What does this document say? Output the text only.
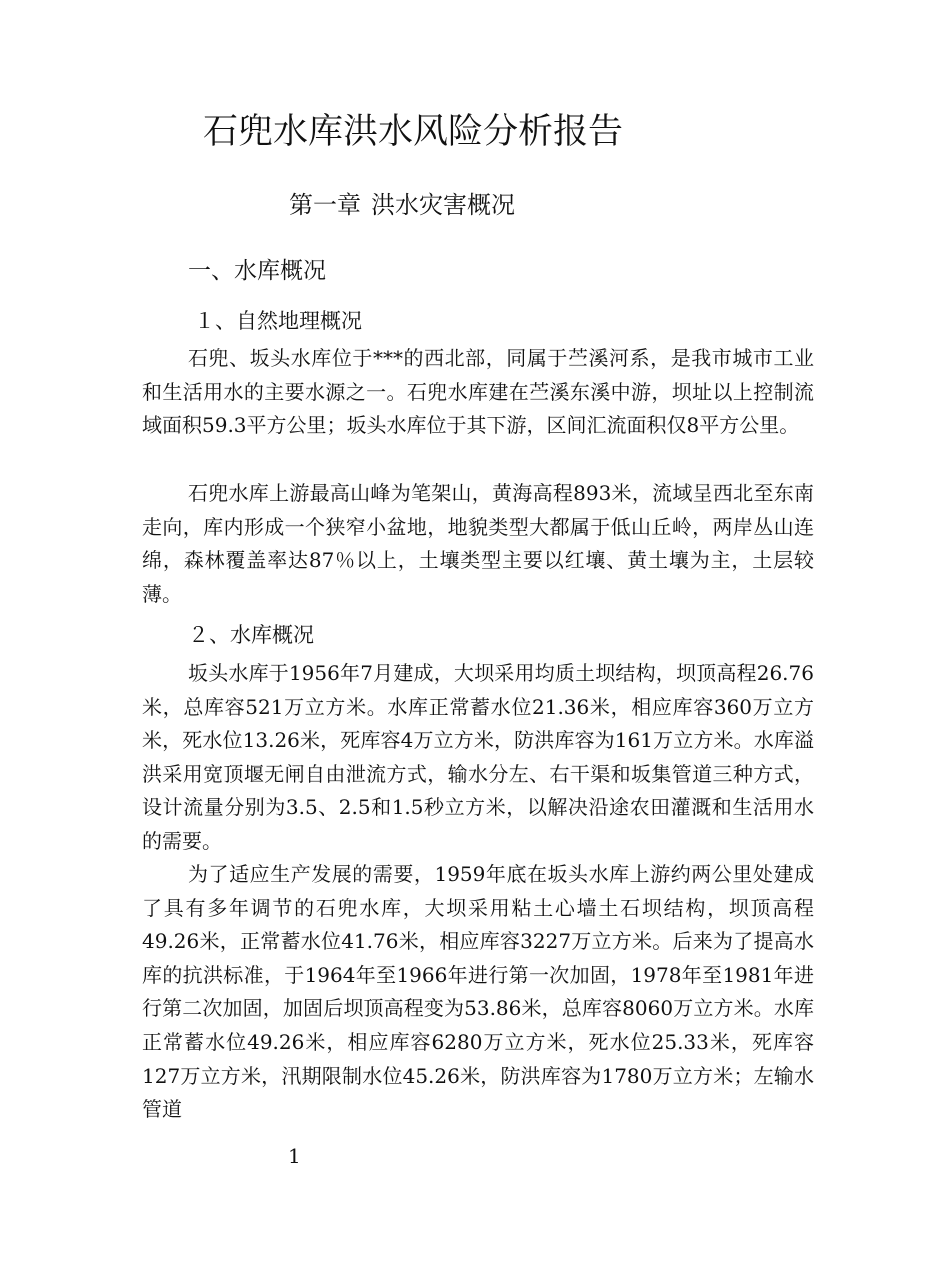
石兜水库洪水风险分析报告
第一章 洪水灾害概况
一、水库概况
１、自然地理概况

石兜、坂头水库位于***的西北部，同属于苎溪河系，是我市城市工业和生活用水的主要水源之一。石兜水库建在苎溪东溪中游，坝址以上控制流域面积59.3平方公里；坂头水库位于其下游，区间汇流面积仅8平方公里。

石兜水库上游最高山峰为笔架山，黄海高程893米，流域呈西北至东南走向，库内形成一个狭窄小盆地，地貌类型大都属于低山丘岭，两岸丛山连绵，森林覆盖率达87％以上，土壤类型主要以红壤、黄土壤为主，土层较薄。

２、水库概况

坂头水库于1956年7月建成，大坝采用均质土坝结构，坝顶高程26.76米，总库容521万立方米。水库正常蓄水位21.36米，相应库容360万立方米，死水位13.26米，死库容4万立方米，防洪库容为161万立方米。水库溢洪采用宽顶堰无闸自由泄流方式，输水分左、右干渠和坂集管道三种方式，设计流量分别为3.5、2.5和1.5秒立方米，以解决沿途农田灌溉和生活用水的需要。

为了适应生产发展的需要，1959年底在坂头水库上游约两公里处建成了具有多年调节的石兜水库，大坝采用粘土心墙土石坝结构，坝顶高程49.26米，正常蓄水位41.76米，相应库容3227万立方米。后来为了提高水库的抗洪标准，于1964年至1966年进行第一次加固，1978年至1981年进行第二次加固，加固后坝顶高程变为53.86米，总库容8060万立方米。水库正常蓄水位49.26米，相应库容6280万立方米，死水位25.33米，死库容127万立方米，汛期限制水位45.26米，防洪库容为1780万立方米；左输水管道

1
